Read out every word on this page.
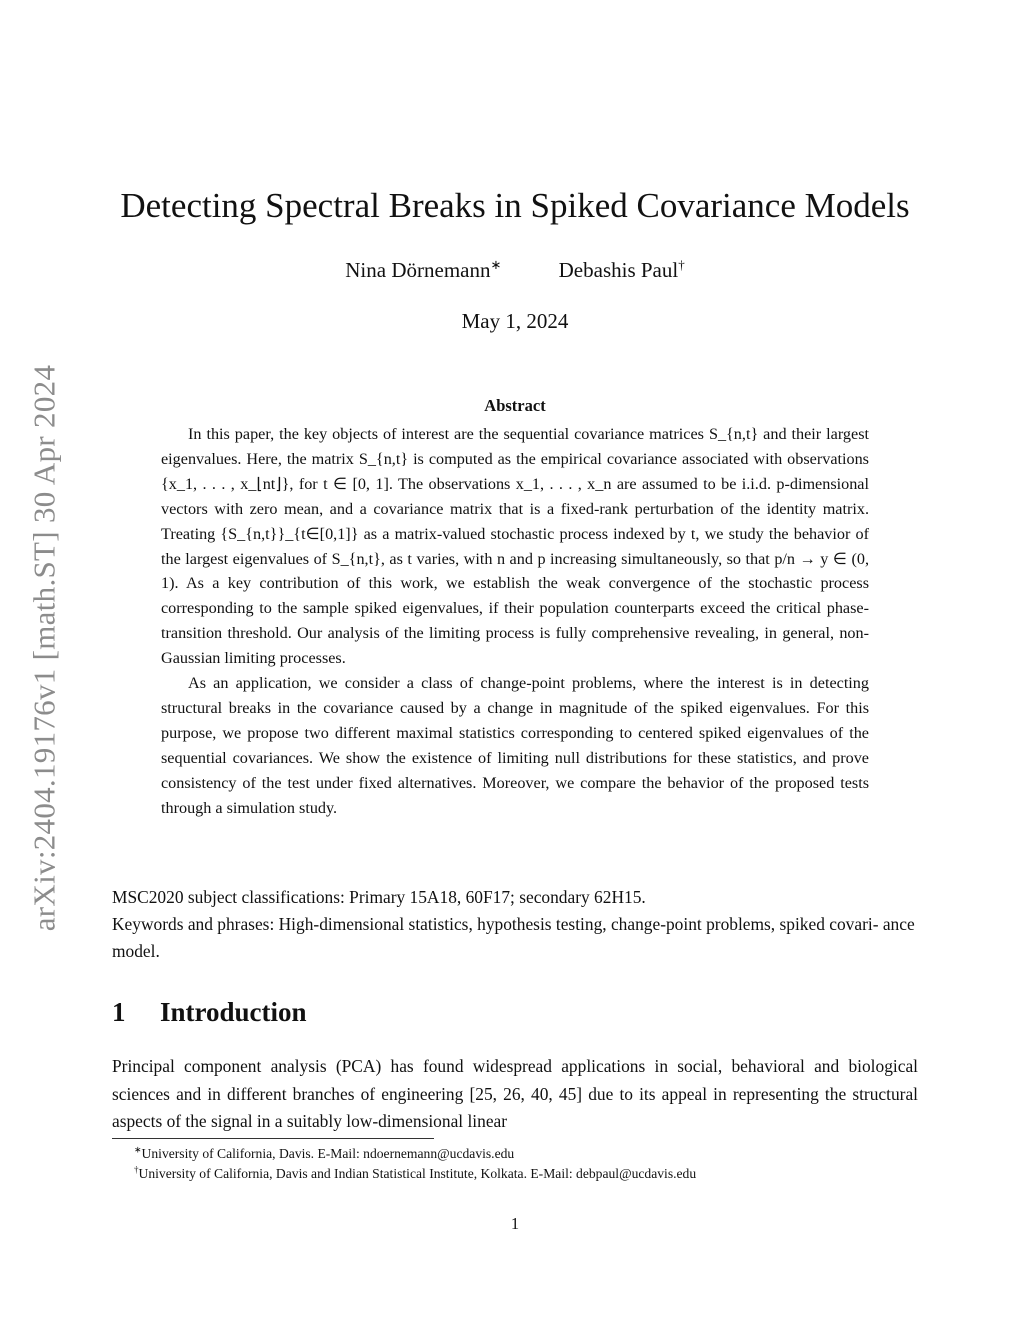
arXiv:2404.19176v1 [math.ST] 30 Apr 2024
Detecting Spectral Breaks in Spiked Covariance Models
Nina Dörnemann∗	Debashis Paul†
May 1, 2024
Abstract

In this paper, the key objects of interest are the sequential covariance matrices S_{n,t} and their largest eigenvalues. Here, the matrix S_{n,t} is computed as the empirical covariance associated with observations {x_1, . . . , x_⌊nt⌋}, for t ∈ [0, 1]. The observations x_1, . . . , x_n are assumed to be i.i.d. p-dimensional vectors with zero mean, and a covariance matrix that is a fixed-rank perturbation of the identity matrix. Treating {S_{n,t}}_{t∈[0,1]} as a matrix-valued stochastic process indexed by t, we study the behavior of the largest eigenvalues of S_{n,t}, as t varies, with n and p increasing simultaneously, so that p/n → y ∈ (0, 1). As a key contribution of this work, we establish the weak convergence of the stochastic process corresponding to the sample spiked eigenvalues, if their population counterparts exceed the critical phase-transition threshold. Our analysis of the limiting process is fully comprehensive revealing, in general, non-Gaussian limiting processes.

As an application, we consider a class of change-point problems, where the interest is in detecting structural breaks in the covariance caused by a change in magnitude of the spiked eigenvalues. For this purpose, we propose two different maximal statistics corresponding to centered spiked eigenvalues of the sequential covariances. We show the existence of limiting null distributions for these statistics, and prove consistency of the test under fixed alternatives. Moreover, we compare the behavior of the proposed tests through a simulation study.

MSC2020 subject classifications: Primary 15A18, 60F17; secondary 62H15.

Keywords and phrases: High-dimensional statistics, hypothesis testing, change-point problems, spiked covari- ance model.

1 Introduction

Principal component analysis (PCA) has found widespread applications in social, behavioral and biological sciences and in different branches of engineering [25, 26, 40, 45] due to its appeal in representing the structural aspects of the signal in a suitably low-dimensional linear

∗University of California, Davis. E-Mail: ndoernemann@ucdavis.edu

†University of California, Davis and Indian Statistical Institute, Kolkata. E-Mail: debpaul@ucdavis.edu

1
